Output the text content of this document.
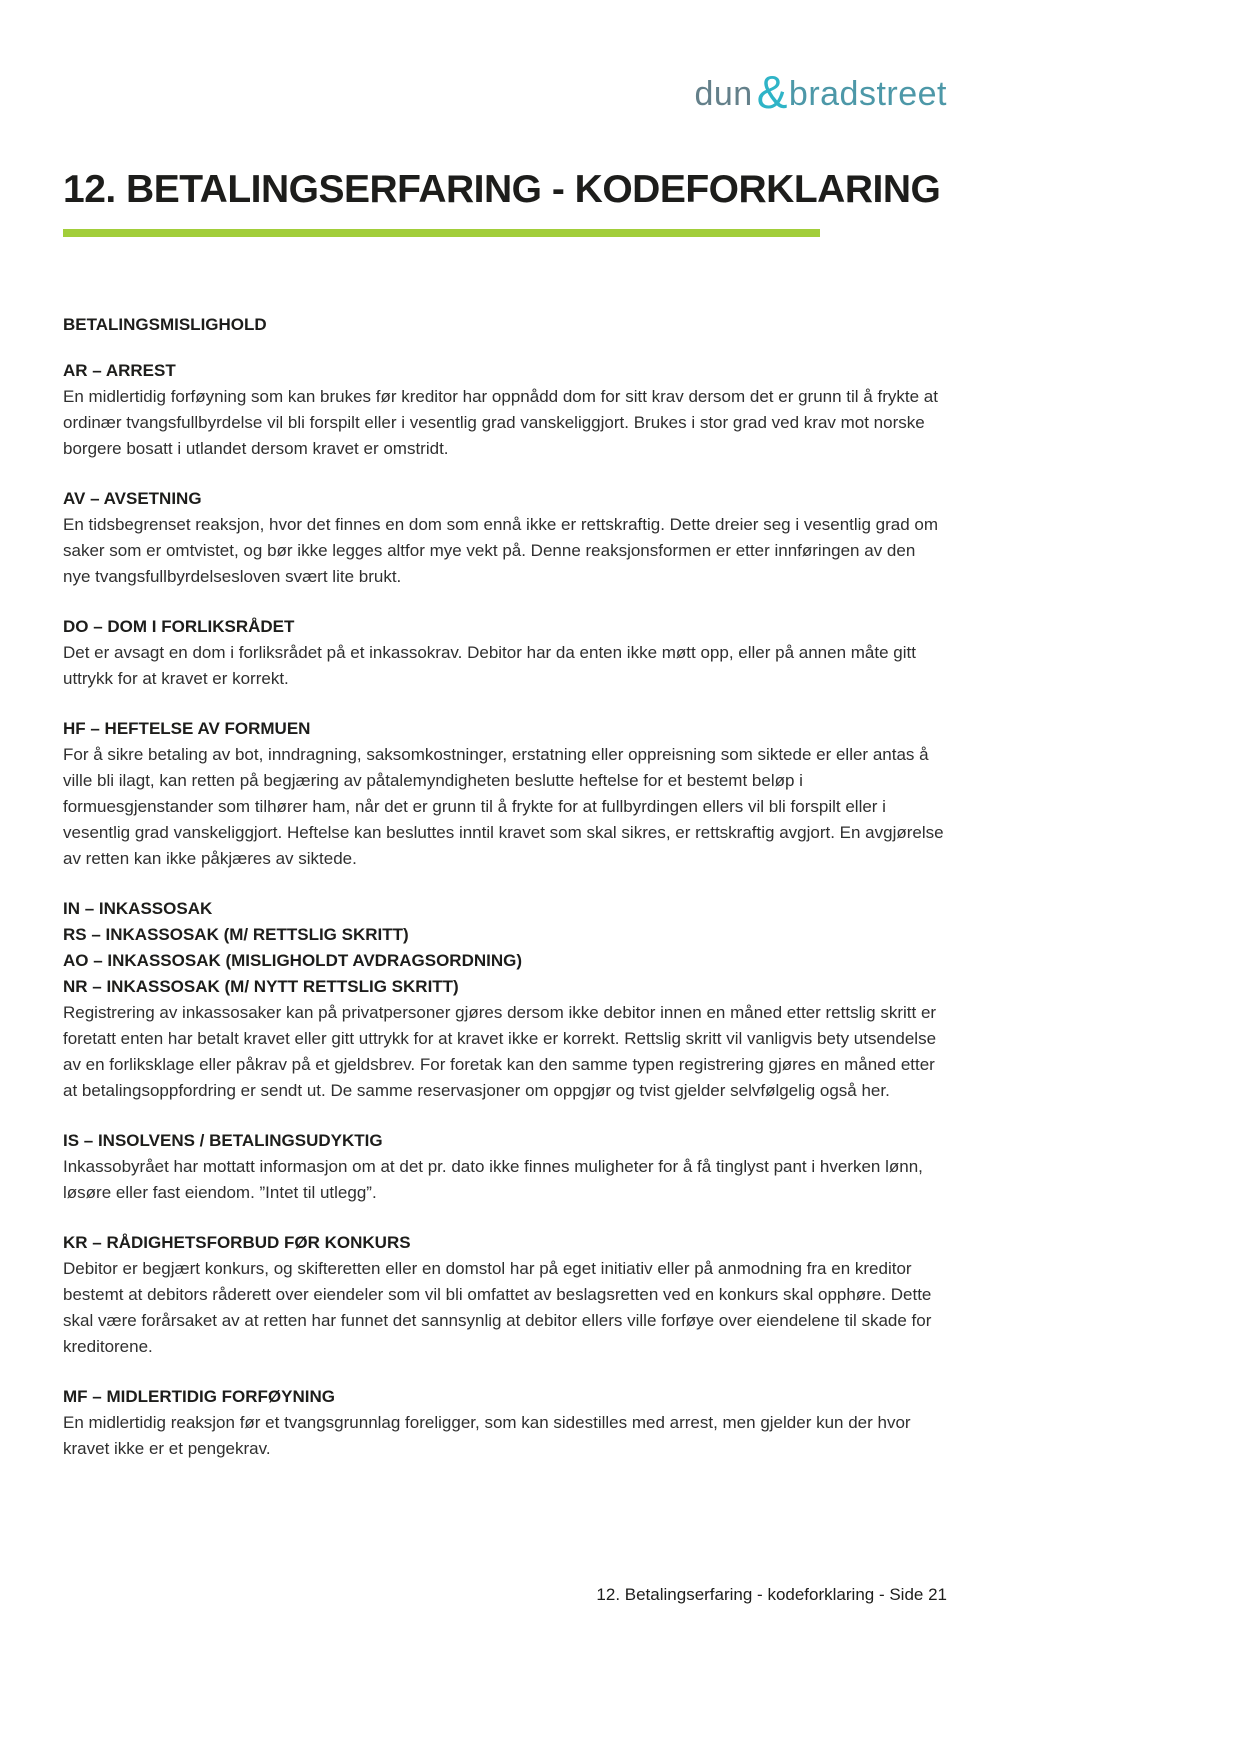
dun & bradstreet
12. BETALINGSERFARING - KODEFORKLARING
BETALINGSMISLIGHOLD
AR – ARREST

En midlertidig forføyning som kan brukes før kreditor har oppnådd dom for sitt krav dersom det er grunn til å frykte at ordinær tvangsfullbyrdelse vil bli forspilt eller i vesentlig grad vanskeliggjort. Brukes i stor grad ved krav mot norske borgere bosatt i utlandet dersom kravet er omstridt.

AV – AVSETNING

En tidsbegrenset reaksjon, hvor det finnes en dom som ennå ikke er rettskraftig. Dette dreier seg i vesentlig grad om saker som er omtvistet, og bør ikke legges altfor mye vekt på. Denne reaksjonsformen er etter innføringen av den nye tvangsfullbyrdelsesloven svært lite brukt.

DO – DOM I FORLIKSRÅDET

Det er avsagt en dom i forliksrådet på et inkassokrav. Debitor har da enten ikke møtt opp, eller på annen måte gitt uttrykk for at kravet er korrekt.

HF – HEFTELSE AV FORMUEN

For å sikre betaling av bot, inndragning, saksomkostninger, erstatning eller oppreisning som siktede er eller antas å ville bli ilagt, kan retten på begjæring av påtalemyndigheten beslutte heftelse for et bestemt beløp i formuesgjenstander som tilhører ham, når det er grunn til å frykte for at fullbyrdingen ellers vil bli forspilt eller i vesentlig grad vanskeliggjort. Heftelse kan besluttes inntil kravet som skal sikres, er rettskraftig avgjort. En avgjørelse av retten kan ikke påkjæres av siktede.

IN – INKASSOSAK
RS – INKASSOSAK (M/ RETTSLIG SKRITT)
AO – INKASSOSAK (MISLIGHOLDT AVDRAGSORDNING)
NR – INKASSOSAK (M/ NYTT RETTSLIG SKRITT)

Registrering av inkassosaker kan på privatpersoner gjøres dersom ikke debitor innen en måned etter rettslig skritt er foretatt enten har betalt kravet eller gitt uttrykk for at kravet ikke er korrekt. Rettslig skritt vil vanligvis bety utsendelse av en forliksklage eller påkrav på et gjeldsbrev. For foretak kan den samme typen registrering gjøres en måned etter at betalingsoppfordring er sendt ut. De samme reservasjoner om oppgjør og tvist gjelder selvfølgelig også her.

IS – INSOLVENS / BETALINGSUDYKTIG

Inkassobyrået har mottatt informasjon om at det pr. dato ikke finnes muligheter for å få tinglyst pant i hverken lønn, løsøre eller fast eiendom. ”Intet til utlegg”.

KR – RÅDIGHETSFORBUD FØR KONKURS

Debitor er begjært konkurs, og skifteretten eller en domstol har på eget initiativ eller på anmodning fra en kreditor bestemt at debitors råderett over eiendeler som vil bli omfattet av beslagsretten ved en konkurs skal opphøre. Dette skal være forårsaket av at retten har funnet det sannsynlig at debitor ellers ville forføye over eiendelene til skade for kreditorene.

MF – MIDLERTIDIG FORFØYNING

En midlertidig reaksjon før et tvangsgrunnlag foreligger, som kan sidestilles med arrest, men gjelder kun der hvor kravet ikke er et pengekrav.

12. Betalingserfaring - kodeforklaring - Side 21
